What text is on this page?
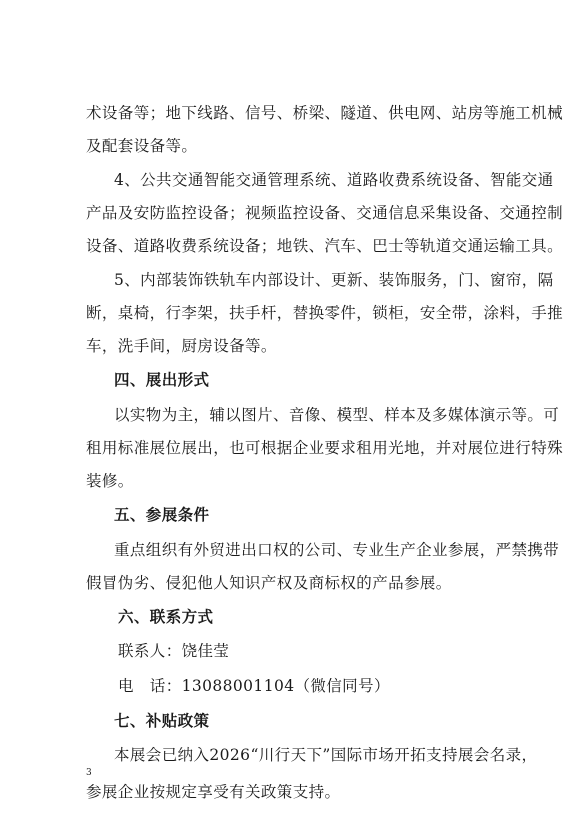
术设备等；地下线路、信号、桥梁、隧道、供电网、站房等施工机械
及配套设备等。
4、公共交通智能交通管理系统、道路收费系统设备、智能交通
产品及安防监控设备；视频监控设备、交通信息采集设备、交通控制
设备、道路收费系统设备；地铁、汽车、巴士等轨道交通运输工具。
5、内部装饰铁轨车内部设计、更新、装饰服务，门、窗帘，隔
断，桌椅，行李架，扶手杆，替换零件，锁柜，安全带，涂料，手推
车，洗手间，厨房设备等。
四、展出形式
以实物为主，辅以图片、音像、模型、样本及多媒体演示等。可
租用标准展位展出，也可根据企业要求租用光地，并对展位进行特殊
装修。
五、参展条件
重点组织有外贸进出口权的公司、专业生产企业参展，严禁携带
假冒伪劣、侵犯他人知识产权及商标权的产品参展。
六、联系方式
联系人：饶佳莹
电　话：13088001104（微信同号）
七、补贴政策
本展会已纳入2026“川行天下”国际市场开拓支持展会名录，
3
参展企业按规定享受有关政策支持。
